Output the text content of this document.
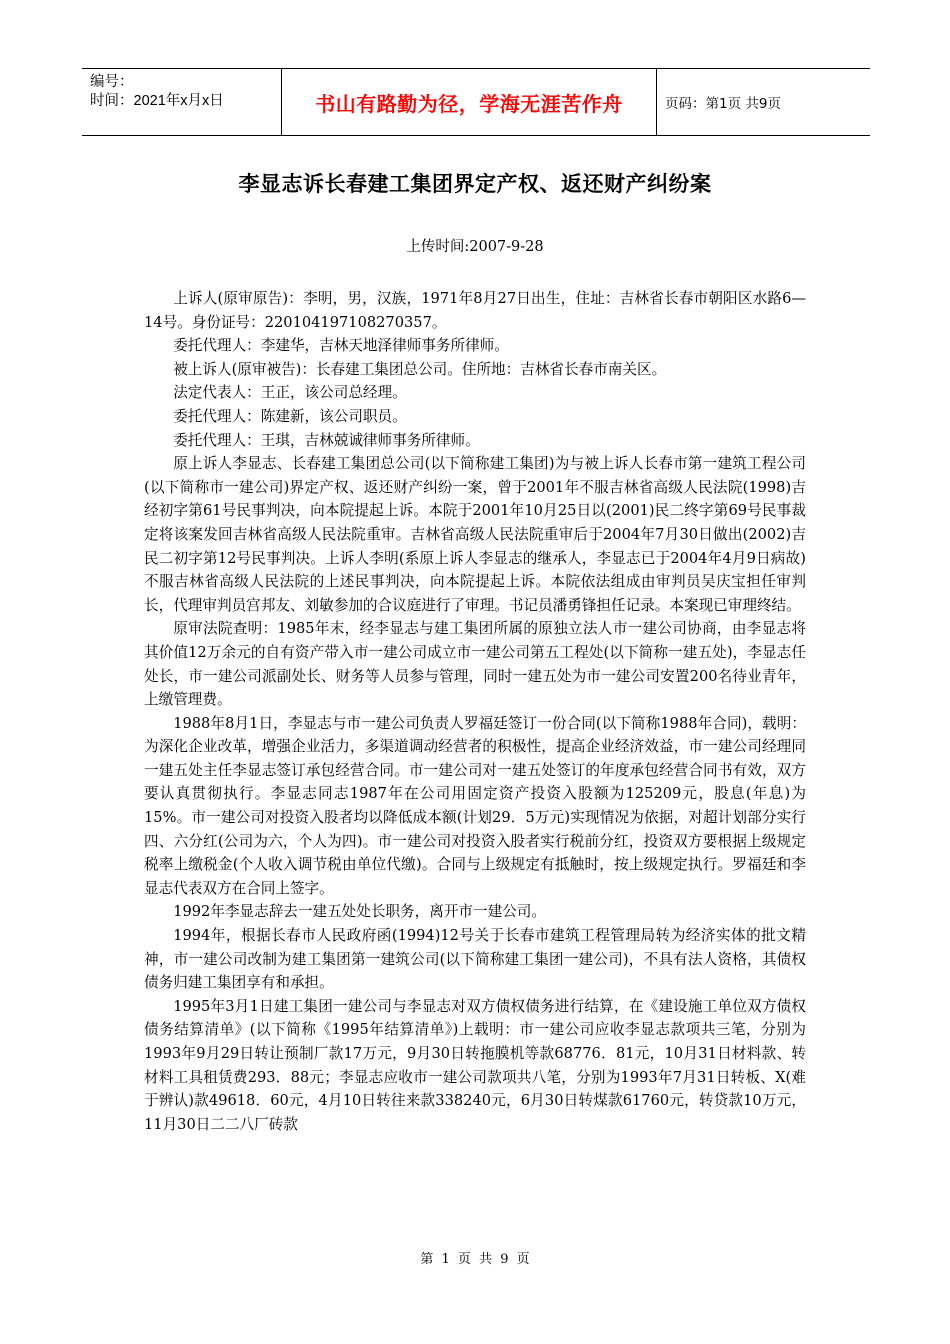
编号：
时间：2021年x月x日	书山有路勤为径，学海无涯苦作舟	页码：第1页 共9页
李显志诉长春建工集团界定产权、返还财产纠纷案
上传时间:2007-9-28

上诉人(原审原告)：李明，男，汉族，1971年8月27日出生，住址：吉林省长春市朝阳区水路6—14号。身份证号：220104197108270357。

委托代理人：李建华，吉林天地泽律师事务所律师。

被上诉人(原审被告)：长春建工集团总公司。住所地：吉林省长春市南关区。

法定代表人：王正，该公司总经理。

委托代理人：陈建新，该公司职员。

委托代理人：王琪，吉林兢诚律师事务所律师。

原上诉人李显志、长春建工集团总公司(以下简称建工集团)为与被上诉人长春市第一建筑工程公司(以下简称市一建公司)界定产权、返还财产纠纷一案，曾于2001年不服吉林省高级人民法院(1998)吉经初字第61号民事判决，向本院提起上诉。本院于2001年10月25日以(2001)民二终字第69号民事裁定将该案发回吉林省高级人民法院重审。吉林省高级人民法院重审后于2004年7月30日做出(2002)吉民二初字第12号民事判决。上诉人李明(系原上诉人李显志的继承人，李显志已于2004年4月9日病故)不服吉林省高级人民法院的上述民事判决，向本院提起上诉。本院依法组成由审判员吴庆宝担任审判长，代理审判员宫邦友、刘敏参加的合议庭进行了审理。书记员潘勇锋担任记录。本案现已审理终结。

原审法院查明：1985年末，经李显志与建工集团所属的原独立法人市一建公司协商，由李显志将其价值12万余元的自有资产带入市一建公司成立市一建公司第五工程处(以下简称一建五处)，李显志任处长，市一建公司派副处长、财务等人员参与管理，同时一建五处为市一建公司安置200名待业青年，上缴管理费。

1988年8月1日，李显志与市一建公司负责人罗福廷签订一份合同(以下简称1988年合同)，载明：为深化企业改革，增强企业活力，多渠道调动经营者的积极性，提高企业经济效益，市一建公司经理同一建五处主任李显志签订承包经营合同。市一建公司对一建五处签订的年度承包经营合同书有效，双方要认真贯彻执行。李显志同志1987年在公司用固定资产投资入股额为125209元，股息(年息)为15%。市一建公司对投资入股者均以降低成本额(计划29．5万元)实现情况为依据，对超计划部分实行四、六分红(公司为六，个人为四)。市一建公司对投资入股者实行税前分红，投资双方要根据上级规定税率上缴税金(个人收入调节税由单位代缴)。合同与上级规定有抵触时，按上级规定执行。罗福廷和李显志代表双方在合同上签字。

1992年李显志辞去一建五处处长职务，离开市一建公司。

1994年，根据长春市人民政府函(1994)12号关于长春市建筑工程管理局转为经济实体的批文精神，市一建公司改制为建工集团第一建筑公司(以下简称建工集团一建公司)，不具有法人资格，其债权债务归建工集团享有和承担。

1995年3月1日建工集团一建公司与李显志对双方债权债务进行结算，在《建设施工单位双方债权债务结算清单》(以下简称《1995年结算清单》)上载明：市一建公司应收李显志款项共三笔，分别为1993年9月29日转让预制厂款17万元，9月30日转拖膜机等款68776．81元，10月31日材料款、转材料工具租赁费293．88元；李显志应收市一建公司款项共八笔，分别为1993年7月31日转板、X(难于辨认)款49618．60元，4月10日转往来款338240元，6月30日转煤款61760元，转贷款10万元，11月30日二二八厂砖款

第 1 页 共 9 页
